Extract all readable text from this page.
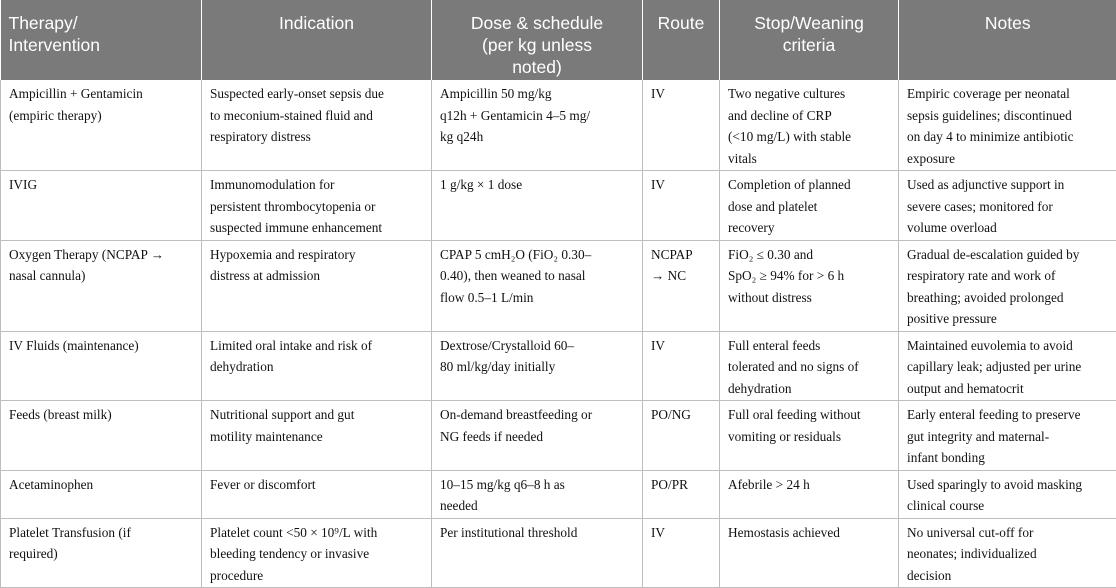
Therapy/
Intervention	Indication	Dose & schedule
(per kg unless
noted)	Route	Stop/Weaning
criteria	Notes
Ampicillin + Gentamicin
(empiric therapy)	Suspected early-onset sepsis due
to meconium-stained fluid and
respiratory distress	Ampicillin 50 mg/kg
q12h + Gentamicin 4–5 mg/
kg q24h	IV	Two negative cultures
and decline of CRP
(<10 mg/L) with stable
vitals	Empiric coverage per neonatal
sepsis guidelines; discontinued
on day 4 to minimize antibiotic
exposure
IVIG	Immunomodulation for
persistent thrombocytopenia or
suspected immune enhancement	1 g/kg × 1 dose	IV	Completion of planned
dose and platelet
recovery	Used as adjunctive support in
severe cases; monitored for
volume overload
Oxygen Therapy (NCPAP →
nasal cannula)	Hypoxemia and respiratory
distress at admission	CPAP 5 cmH₂O (FiO₂ 0.30–
0.40), then weaned to nasal
flow 0.5–1 L/min	NCPAP
→ NC	FiO₂ ≤ 0.30 and
SpO₂ ≥ 94% for > 6 h
without distress	Gradual de-escalation guided by
respiratory rate and work of
breathing; avoided prolonged
positive pressure
IV Fluids (maintenance)	Limited oral intake and risk of
dehydration	Dextrose/Crystalloid 60–
80 ml/kg/day initially	IV	Full enteral feeds
tolerated and no signs of
dehydration	Maintained euvolemia to avoid
capillary leak; adjusted per urine
output and hematocrit
Feeds (breast milk)	Nutritional support and gut
motility maintenance	On-demand breastfeeding or
NG feeds if needed	PO/NG	Full oral feeding without
vomiting or residuals	Early enteral feeding to preserve
gut integrity and maternal-
infant bonding
Acetaminophen	Fever or discomfort	10–15 mg/kg q6–8 h as
needed	PO/PR	Afebrile > 24 h	Used sparingly to avoid masking
clinical course
Platelet Transfusion (if
required)	Platelet count <50 × 10⁹/L with
bleeding tendency or invasive
procedure	Per institutional threshold	IV	Hemostasis achieved	No universal cut-off for
neonates; individualized
decision
